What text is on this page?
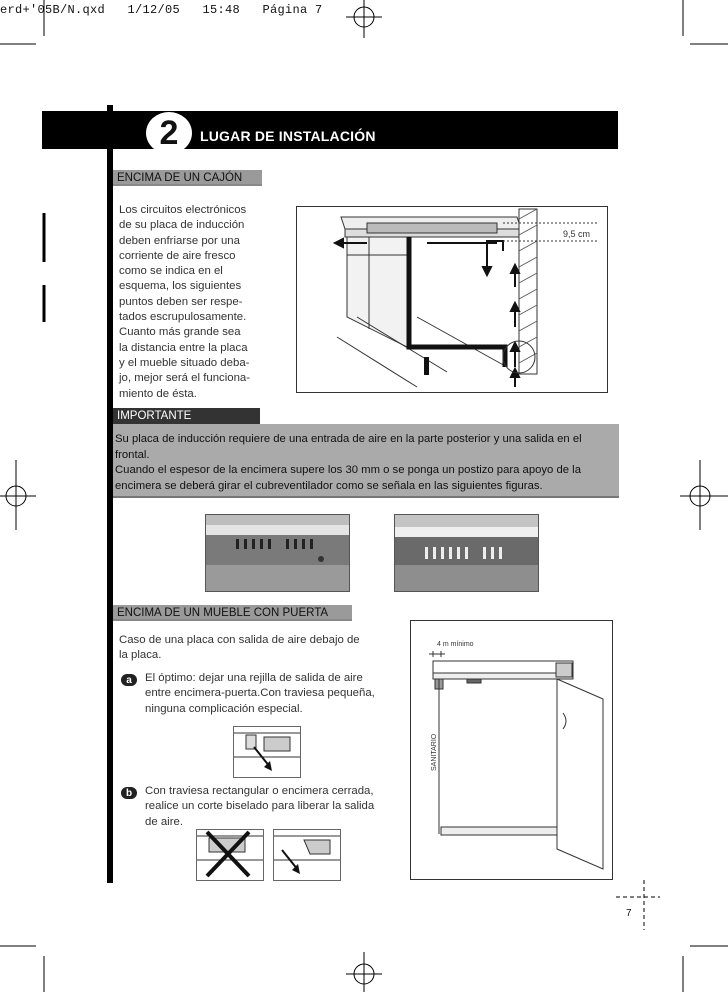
erd+'05B/N.qxd   1/12/05   15:48   Página 7
2	LUGAR DE INSTALACIÓN
ENCIMA DE UN CAJÓN
Los circuitos electrónicos
de su placa de inducción
deben enfriarse por una
corriente de aire fresco
como se indica en el
esquema, los siguientes
puntos deben ser respe-
tados escrupulosamente.
Cuanto más grande sea
la distancia entre la placa
y el mueble situado deba-
jo, mejor será el funciona-
miento de ésta.
9,5 cm
IMPORTANTE

Su placa de inducción requiere de una entrada de aire en la parte posterior y una salida en el frontal.

Cuando el espesor de la encimera supere los 30 mm o se ponga un postizo para apoyo de la encimera se deberá girar el cubreventilador como se señala en las siguientes figuras.

ENCIMA DE UN MUEBLE CON PUERTA
Caso de una placa con salida de aire debajo de
la placa.
a	El óptimo: dejar una rejilla de salida de aire
entre encimera-puerta.Con traviesa pequeña,
ninguna complicación especial.
b	Con traviesa rectangular o encimera cerrada,
realice un corte biselado para liberar la salida
de aire.
4 m mínimo
SANITARIO
7
